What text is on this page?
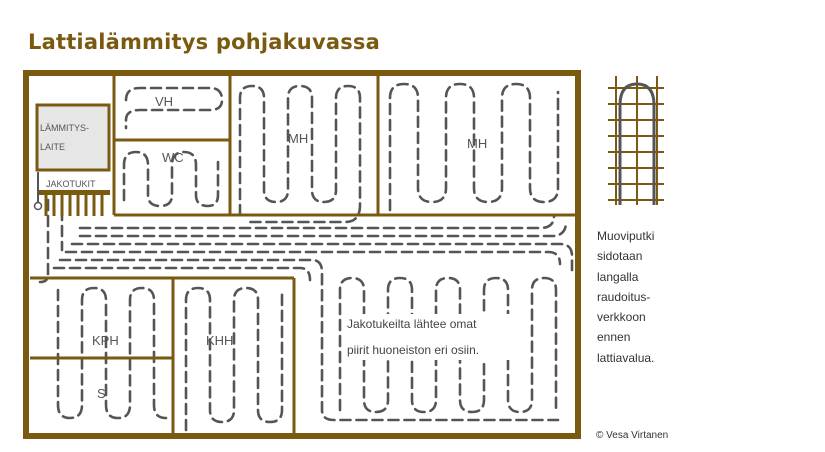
Lattialämmitys pohjakuvassa
JAKOTUKIT
LÄMMITYS-
LAITE
VH
WC
MH	MH
KPH	KHH
S
Jakotukeilta lähtee omat
piirit huoneiston eri osiin.
Muoviputki
sidotaan
langalla
raudoitus-
verkkoon
ennen
lattiavalua.
© Vesa Virtanen
